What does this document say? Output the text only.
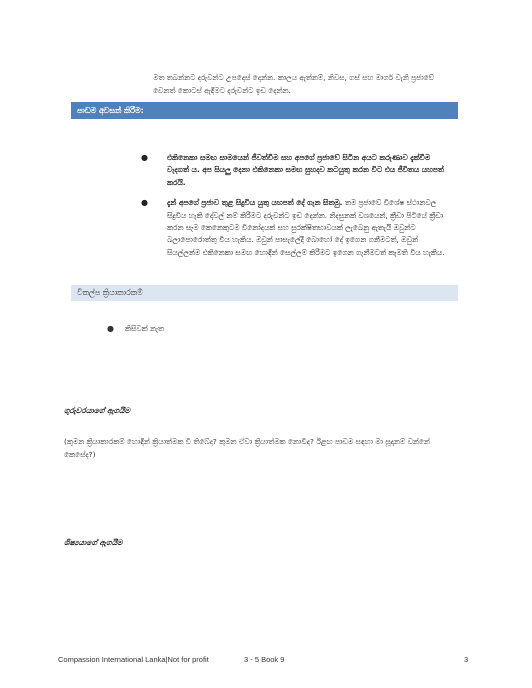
මත තබන්නට දරුවන්ට උපදෙස් දෙන්න. කාලය ඇත්නම්, නිවස, ගස් සහ මාර්ග වැනි ප්‍රජාවේ වෙනත් කොටස් ඇඳීමට දරුවන්ට ඉඩ දෙන්න.

පාඩම අවසන් කිරීම:
●	එකිනෙකා සමඟ සාමයෙන් ජීවත්වීම සහ අපගේ ප්‍රජාවේ සිටින අයට කරුණාව දැක්වීම වැදගත් ය. අප සියලු දෙනා එකිනෙකා සමඟ සුහදව කටයුතු කරන විට එය ජීවිතය යහපත් කරයි.
●	දැන් අපගේ ප්‍රජාව තුළ සිදුවිය යුතු යහපත් දේ ගැන සිතමු. තම ප්‍රජාවේ විශේෂ ස්ථානවල සිදුවිය හැකි දේවල් නම් කිරීමට දරුවන්ට ඉඩ දෙන්න. නිදසුනක් වශයෙන්, ක්‍රීඩා පිටියේ ක්‍රීඩා කරන සෑම කෙනෙකුටම විනෝදයක් සහ සුරක්ෂිතභාවයක් ලැබෙනු ඇතැයි ඔවුන්ට බලාපොරොත්තු විය හැකිය. ඔවුන් පාසැලේදී බොහෝ දේ ඉගෙන ගනීමටත්, ඔවුන් සියල්ලන්ම එකිනෙකා සමඟ හොඳින් සෙල්ලම් කිරීමට ඉගෙන ගැනීමටත් කැමති විය හැකිය.
විකල්ප ක්‍රියාකාරකම්
● කිසිවක් නැත
ගුරුවරයාගේ ඇගයීම

(කුමන ක්‍රියාකාරකම් හොඳින් ක්‍රියාත්මක වී තිබේද? කුමන ඒවා ක්‍රියාත්මක නොවීද? ඊළඟ පාඩම සඳහා මා සූදානම් වන්නේ කෙසේද?)

ශිෂ්‍යයාගේ ඇගයීම
Compassion International Lanka|Not for profit	3 - 5 Book 9	3
